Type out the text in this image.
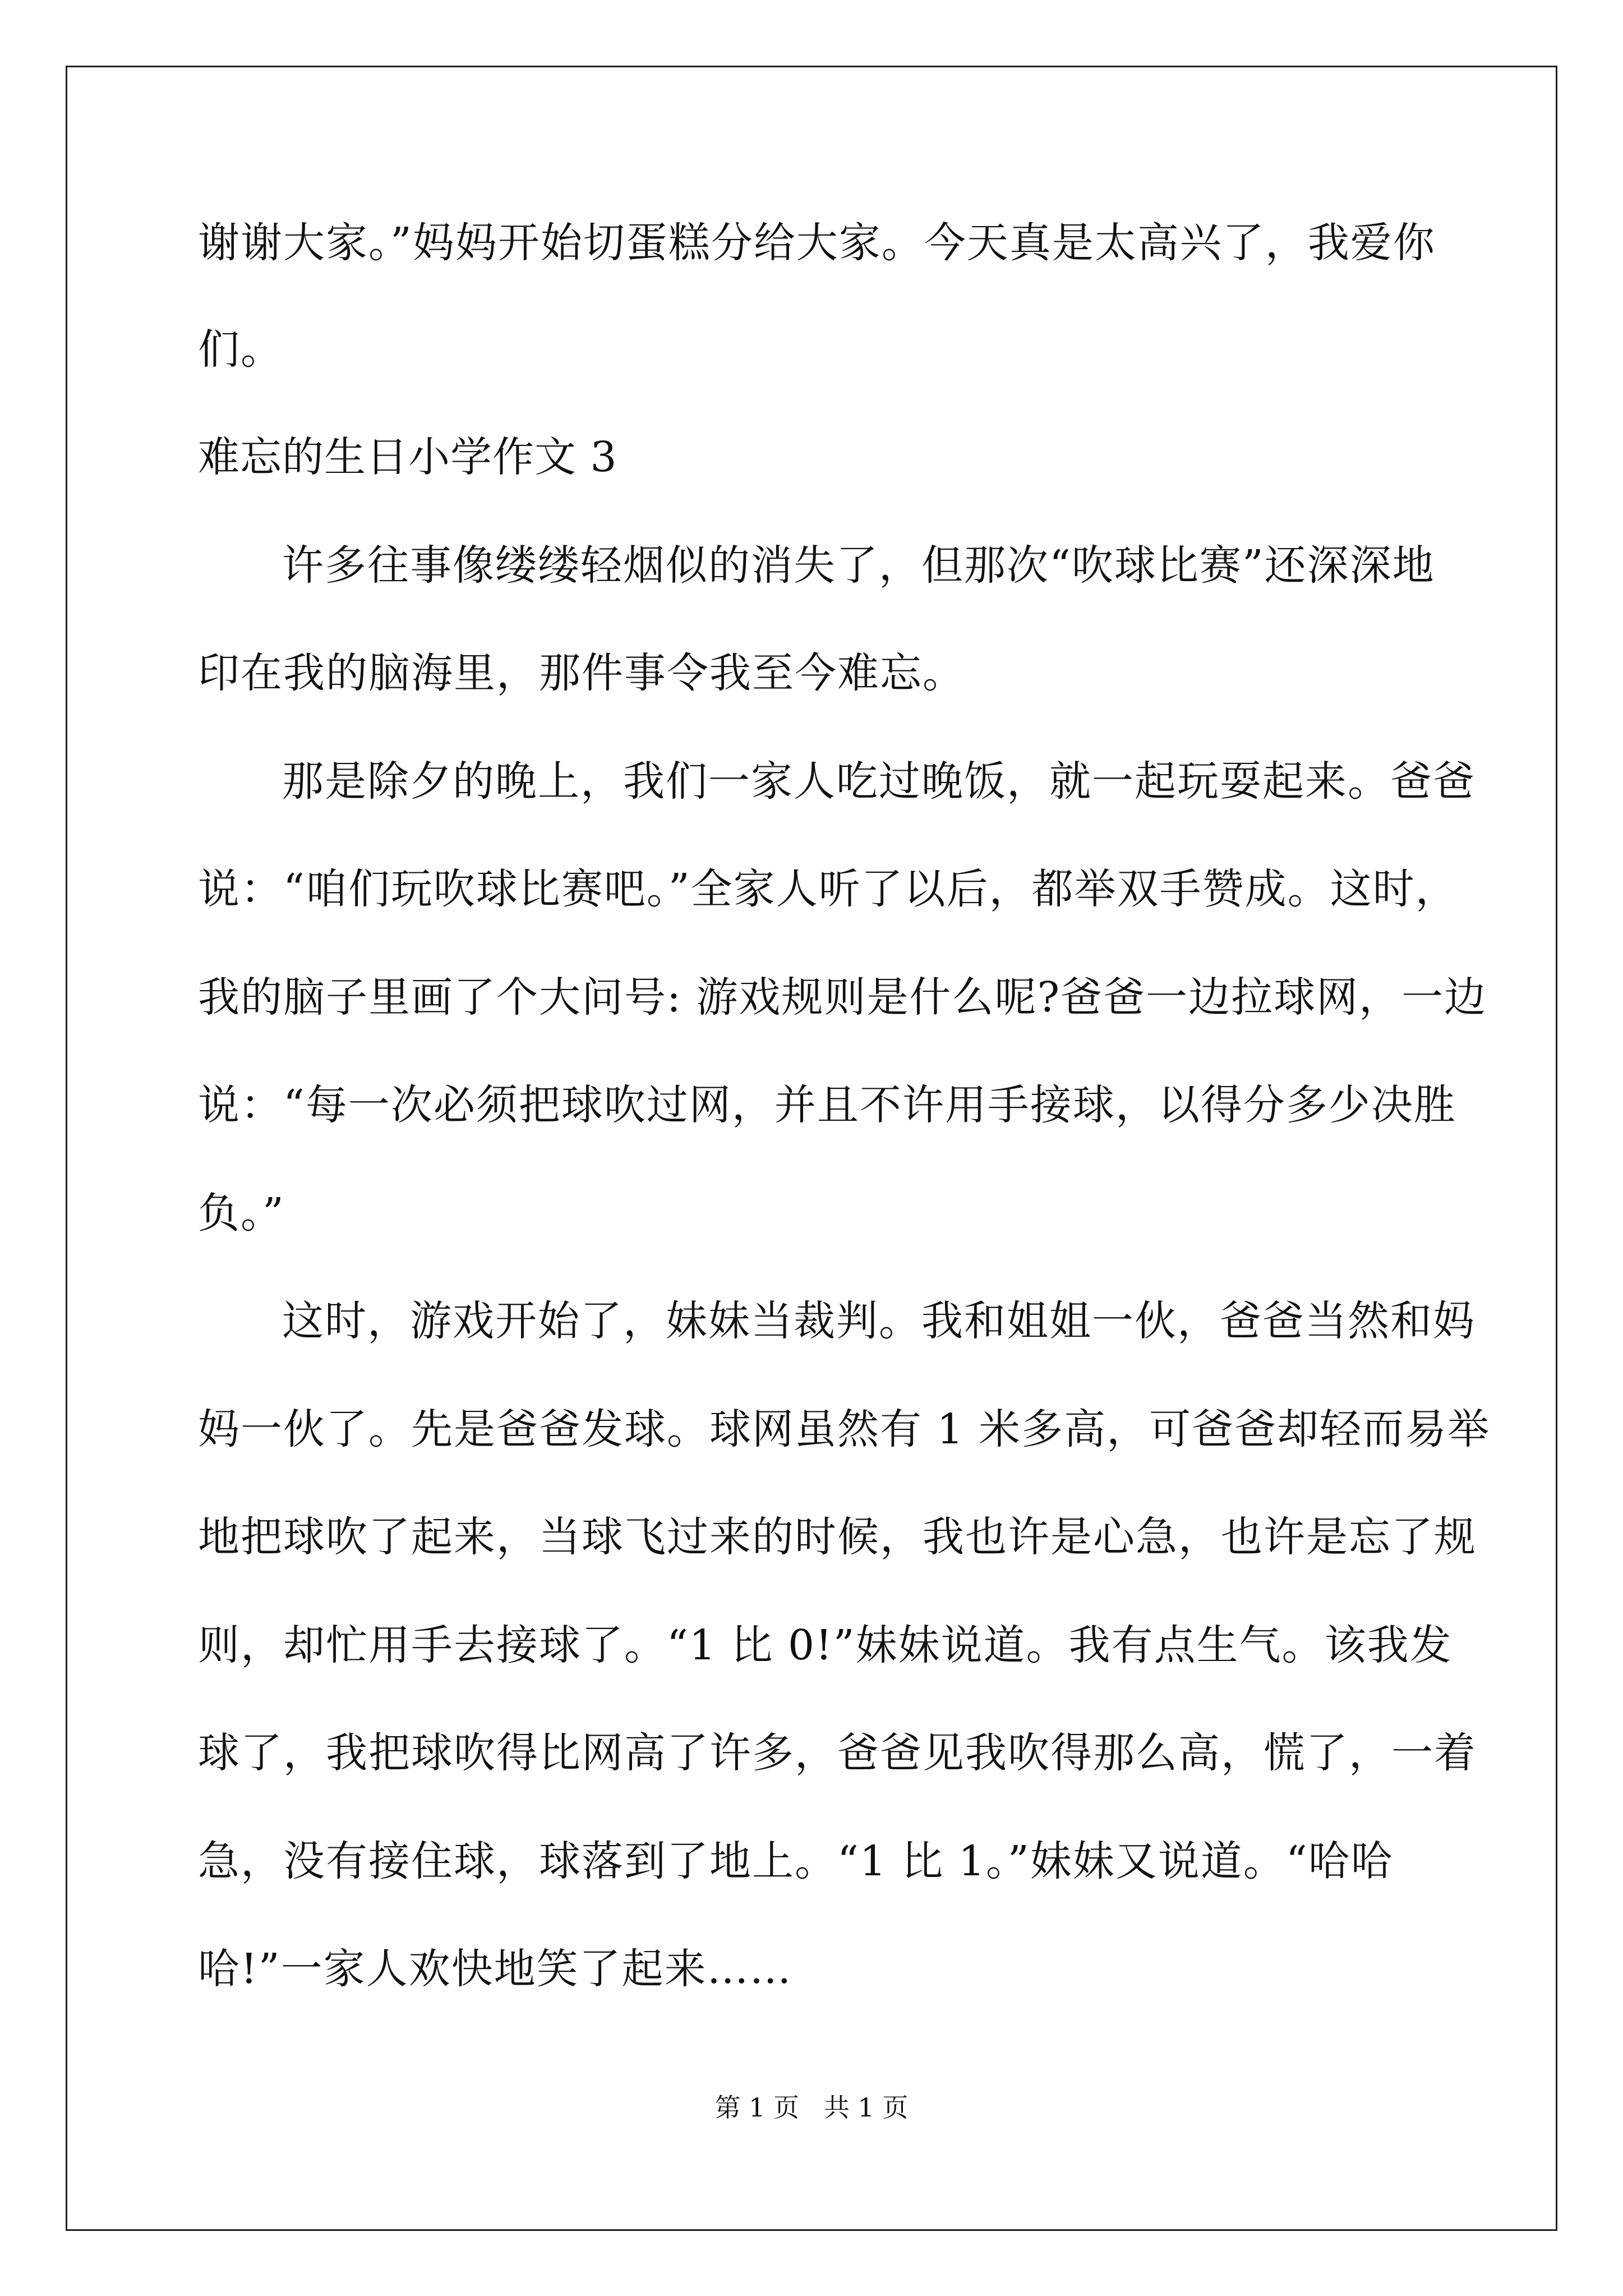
谢谢大家。”妈妈开始切蛋糕分给大家。今天真是太高兴了，我爱你
们。
难忘的生日小学作文 3
许多往事像缕缕轻烟似的消失了，但那次“吹球比赛”还深深地
印在我的脑海里，那件事令我至今难忘。
那是除夕的晚上，我们一家人吃过晚饭，就一起玩耍起来。爸爸
说：“咱们玩吹球比赛吧。”全家人听了以后，都举双手赞成。这时，
我的脑子里画了个大问号: 游戏规则是什么呢?爸爸一边拉球网，一边
说：“每一次必须把球吹过网，并且不许用手接球，以得分多少决胜
负。”
这时，游戏开始了，妹妹当裁判。我和姐姐一伙，爸爸当然和妈
妈一伙了。先是爸爸发球。球网虽然有 1 米多高，可爸爸却轻而易举
地把球吹了起来，当球飞过来的时候，我也许是心急，也许是忘了规
则，却忙用手去接球了。“1 比 0!”妹妹说道。我有点生气。该我发
球了，我把球吹得比网高了许多，爸爸见我吹得那么高，慌了，一着
急，没有接住球，球落到了地上。“1 比 1。”妹妹又说道。“哈哈
哈!”一家人欢快地笑了起来……
第 1 页   共 1 页
